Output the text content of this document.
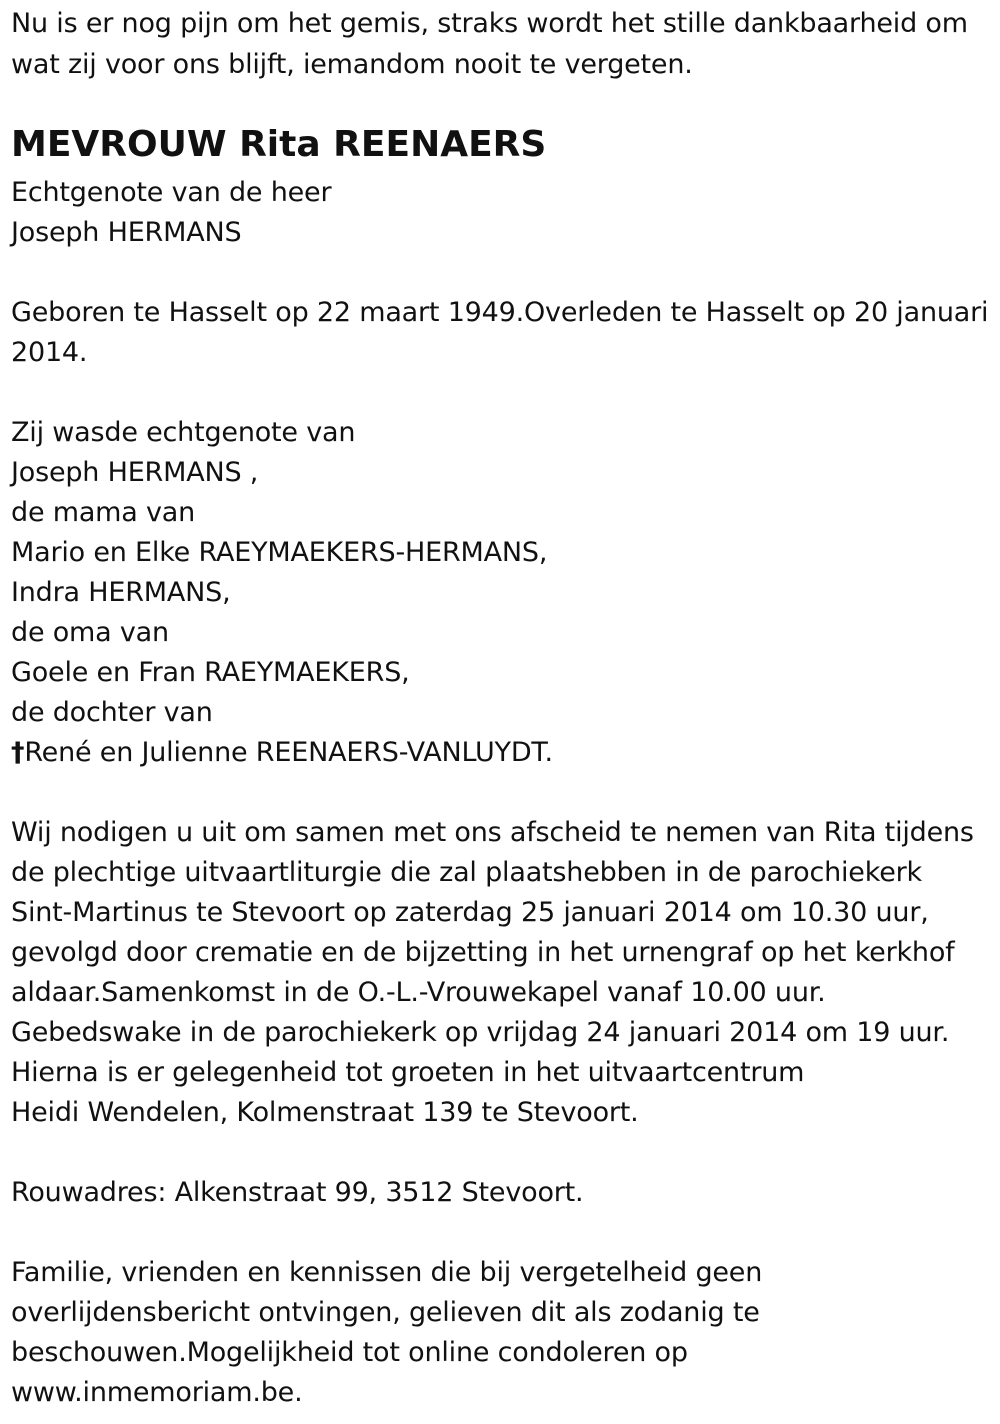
Nu is er nog pijn om het gemis, straks wordt het stille dankbaarheid om
wat zij voor ons blijft, iemandom nooit te vergeten.
MEVROUW Rita REENAERS
Echtgenote van de heer
Joseph HERMANS
Geboren te Hasselt op 22 maart 1949.Overleden te Hasselt op 20 januari
2014.
Zij wasde echtgenote van
Joseph HERMANS ,
de mama van
Mario en Elke RAEYMAEKERS-HERMANS,
Indra HERMANS,
de oma van
Goele en Fran RAEYMAEKERS,
de dochter van
†René en Julienne REENAERS-VANLUYDT.
Wij nodigen u uit om samen met ons afscheid te nemen van Rita tijdens
de plechtige uitvaartliturgie die zal plaatshebben in de parochiekerk
Sint-Martinus te Stevoort op zaterdag 25 januari 2014 om 10.30 uur,
gevolgd door crematie en de bijzetting in het urnengraf op het kerkhof
aldaar.Samenkomst in de O.-L.-Vrouwekapel vanaf 10.00 uur.
Gebedswake in de parochiekerk op vrijdag 24 januari 2014 om 19 uur.
Hierna is er gelegenheid tot groeten in het uitvaartcentrum
Heidi Wendelen, Kolmenstraat 139 te Stevoort.
Rouwadres: Alkenstraat 99, 3512 Stevoort.
Familie, vrienden en kennissen die bij vergetelheid geen
overlijdensbericht ontvingen, gelieven dit als zodanig te
beschouwen.Mogelijkheid tot online condoleren op
www.inmemoriam.be.
